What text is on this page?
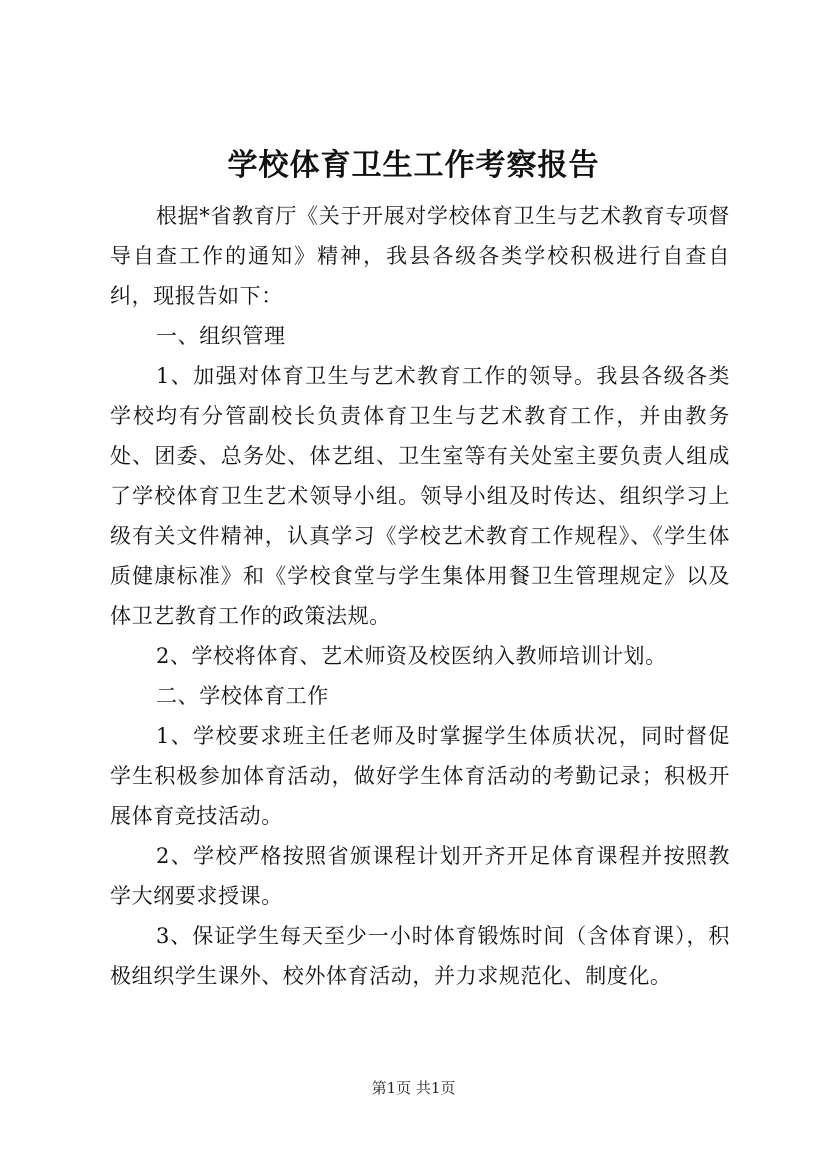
学校体育卫生工作考察报告

根据*省教育厅《关于开展对学校体育卫生与艺术教育专项督导自查工作的通知》精神，我县各级各类学校积极进行自查自纠，现报告如下：

一、组织管理

1、加强对体育卫生与艺术教育工作的领导。我县各级各类学校均有分管副校长负责体育卫生与艺术教育工作，并由教务处、团委、总务处、体艺组、卫生室等有关处室主要负责人组成了学校体育卫生艺术领导小组。领导小组及时传达、组织学习上级有关文件精神，认真学习《学校艺术教育工作规程》、《学生体质健康标准》和《学校食堂与学生集体用餐卫生管理规定》以及体卫艺教育工作的政策法规。

2、学校将体育、艺术师资及校医纳入教师培训计划。

二、学校体育工作

1、学校要求班主任老师及时掌握学生体质状况，同时督促学生积极参加体育活动，做好学生体育活动的考勤记录；积极开展体育竞技活动。

2、学校严格按照省颁课程计划开齐开足体育课程并按照教学大纲要求授课。

3、保证学生每天至少一小时体育锻炼时间（含体育课），积极组织学生课外、校外体育活动，并力求规范化、制度化。

第1页 共1页
